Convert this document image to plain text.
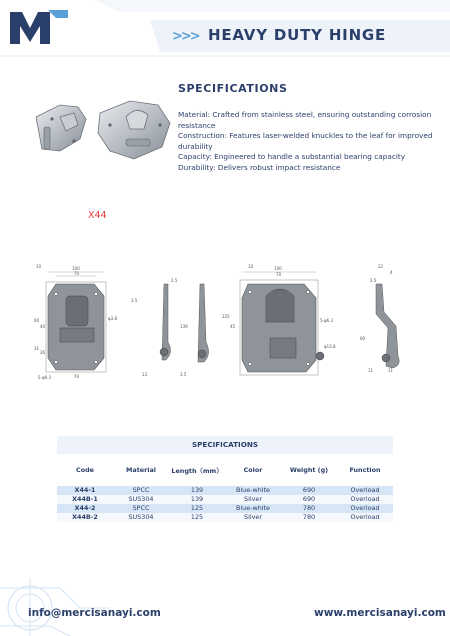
MERCO	>>> HEAVY DUTY HINGE
SPECIFICATIONS
Material: Crafted from stainless steel, ensuring outstanding corrosion resistance
Construction: Features laser-welded knuckles to the leaf for improved durability
Capacity: Engineered to handle a substantial bearing capacity
Durability: Delivers robust impact resistance
X44
100
70
10
60
40
31
26
5-φ6.3
φ3.8
3.5
139
13
70
2.5
3.5
100
70
10
45
125
φ13.8
5-φ6.3
2.5
60
11	11
22
4
SPECIFICATIONS
Code	Material	Length（mm）	Color	Weight (g)	Function
X44-1	SPCC	139	Blue-white	690	Overload
X44B-1	SUS304	139	Silver	690	Overload
X44-2	SPCC	125	Blue-white	780	Overload
X44B-2	SUS304	125	Silver	780	Overload
info@mercisanayi.com	www.mercisanayi.com
